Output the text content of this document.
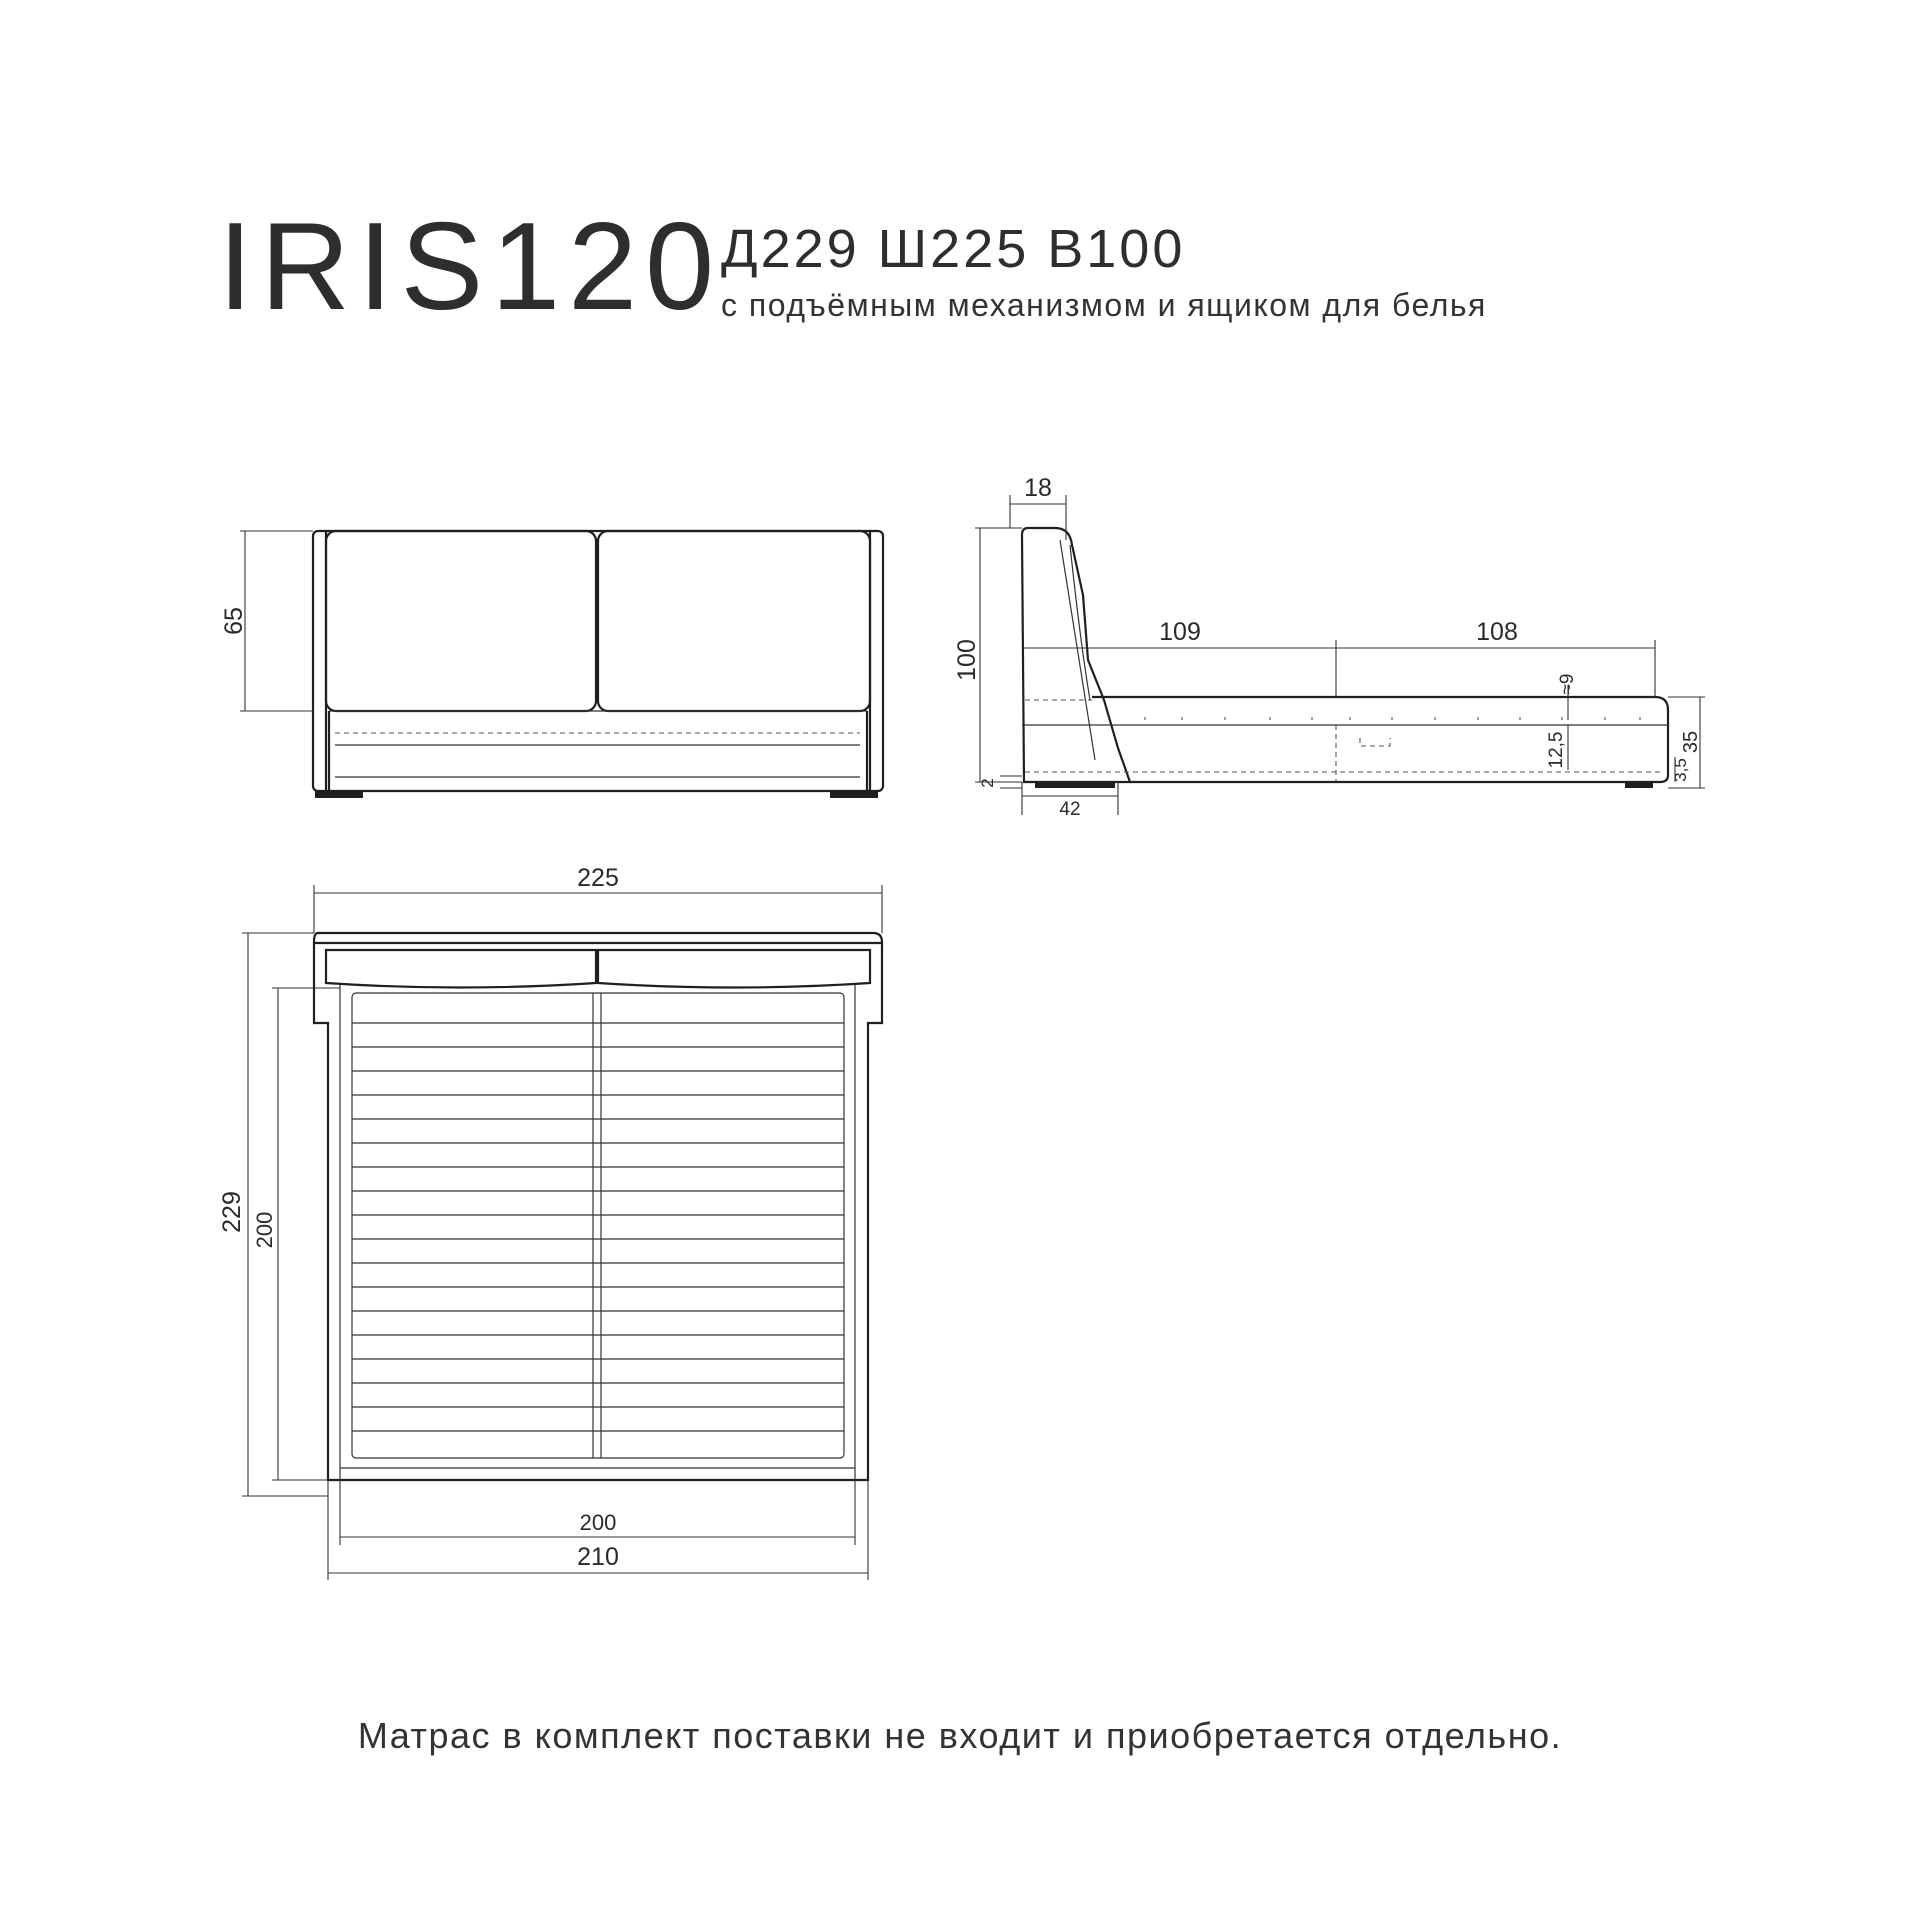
IRIS120
Д229 Ш225 В100
с подъёмным механизмом и ящиком для белья
65
18
100
109	108
≈9
12,5	35
3,5
2
42
225
229 200
200
210
Матрас в комплект поставки не входит и приобретается отдельно.
